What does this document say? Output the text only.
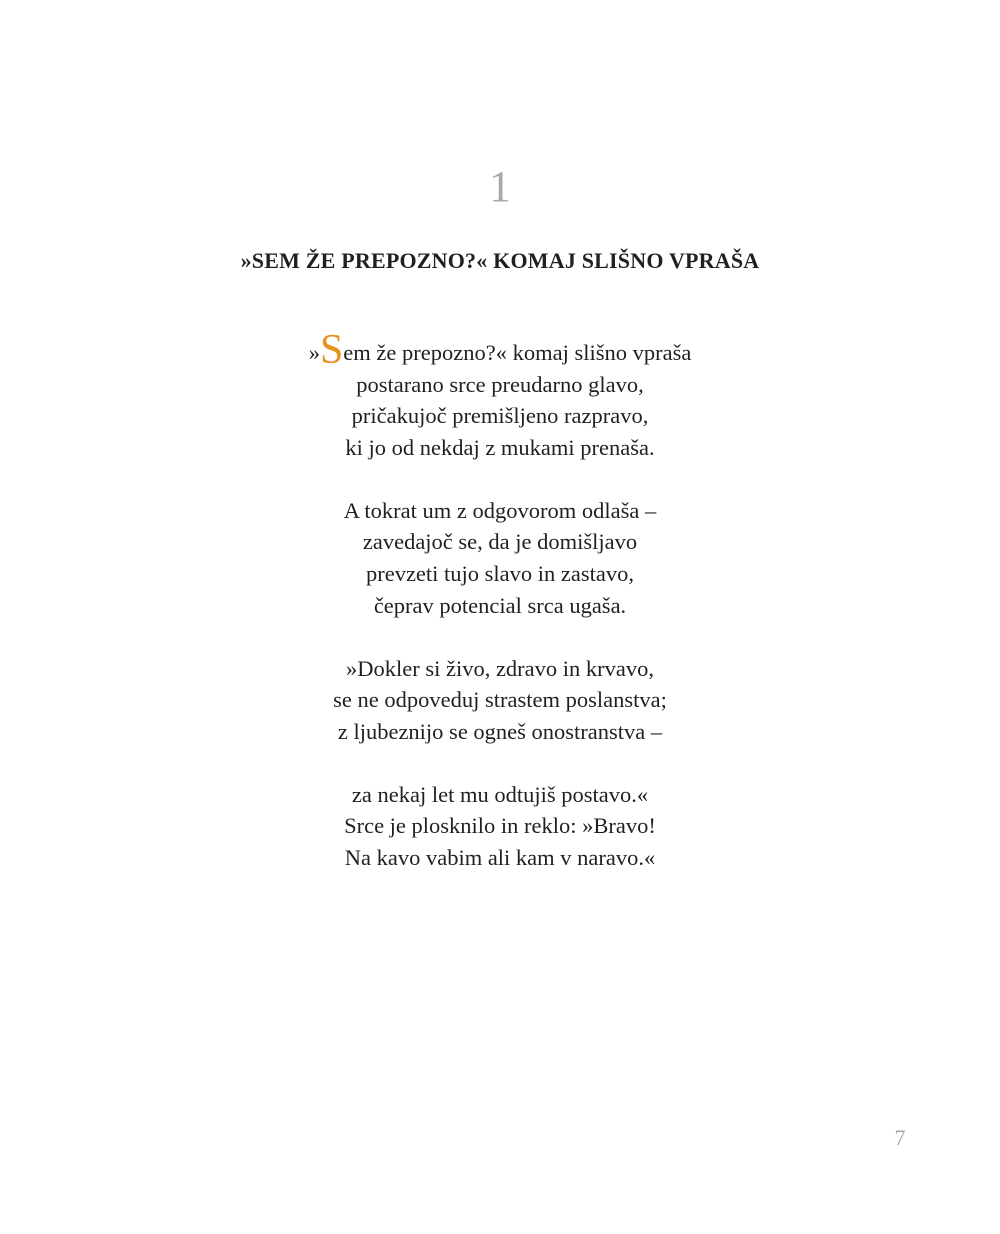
1
»SEM ŽE PREPOZNO?« KOMAJ SLIŠNO VPRAŠA
»Sem že prepozno?« komaj slišno vpraša
postarano srce preudarno glavo,
pričakujoč premišljeno razpravo,
ki jo od nekdaj z mukami prenaša.
A tokrat um z odgovorom odlaša –
zavedajoč se, da je domišljavo
prevzeti tujo slavo in zastavo,
čeprav potencial srca ugaša.
»Dokler si živo, zdravo in krvavo,
se ne odpoveduj strastem poslanstva;
z ljubeznijo se ogneš onostranstva –
za nekaj let mu odtujiš postavo.«
Srce je plosknilo in reklo: »Bravo!
Na kavo vabim ali kam v naravo.«
7
